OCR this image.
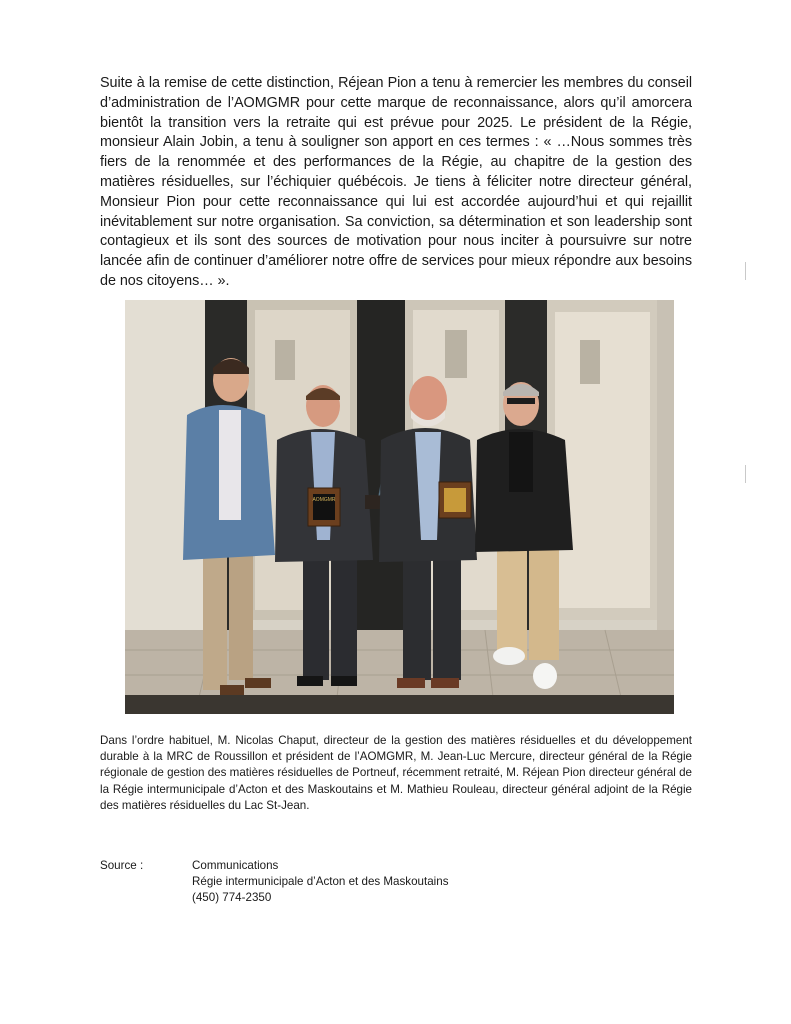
Suite à la remise de cette distinction, Réjean Pion a tenu à remercier les membres du conseil d’administration de l’AOMGMR pour cette marque de reconnaissance, alors qu’il amorcera bientôt la transition vers la retraite qui est prévue pour 2025. Le président de la Régie, monsieur Alain Jobin, a tenu à souligner son apport en ces termes : « …Nous sommes très fiers de la renommée et des performances de la Régie, au chapitre de la gestion des matières résiduelles, sur l’échiquier québécois. Je tiens à féliciter notre directeur général, Monsieur Pion pour cette reconnaissance qui lui est accordée aujourd’hui et qui rejaillit inévitablement sur notre organisation. Sa conviction, sa détermination et son leadership sont contagieux et ils sont des sources de motivation pour nous inciter à poursuivre sur notre lancée afin de continuer d’améliorer notre offre de services pour mieux répondre aux besoins de nos citoyens… ».

AOMGMR

Dans l’ordre habituel, M. Nicolas Chaput, directeur de la gestion des matières résiduelles et du développement durable à la MRC de Roussillon et président de l’AOMGMR, M. Jean-Luc Mercure, directeur général de la Régie régionale de gestion des matières résiduelles de Portneuf, récemment retraité, M. Réjean Pion directeur général de la Régie intermunicipale d’Acton et des Maskoutains et M. Mathieu Rouleau, directeur général adjoint de la Régie des matières résiduelles du Lac St-Jean.

Source :	Communications
Régie intermunicipale d’Acton et des Maskoutains
(450) 774-2350
